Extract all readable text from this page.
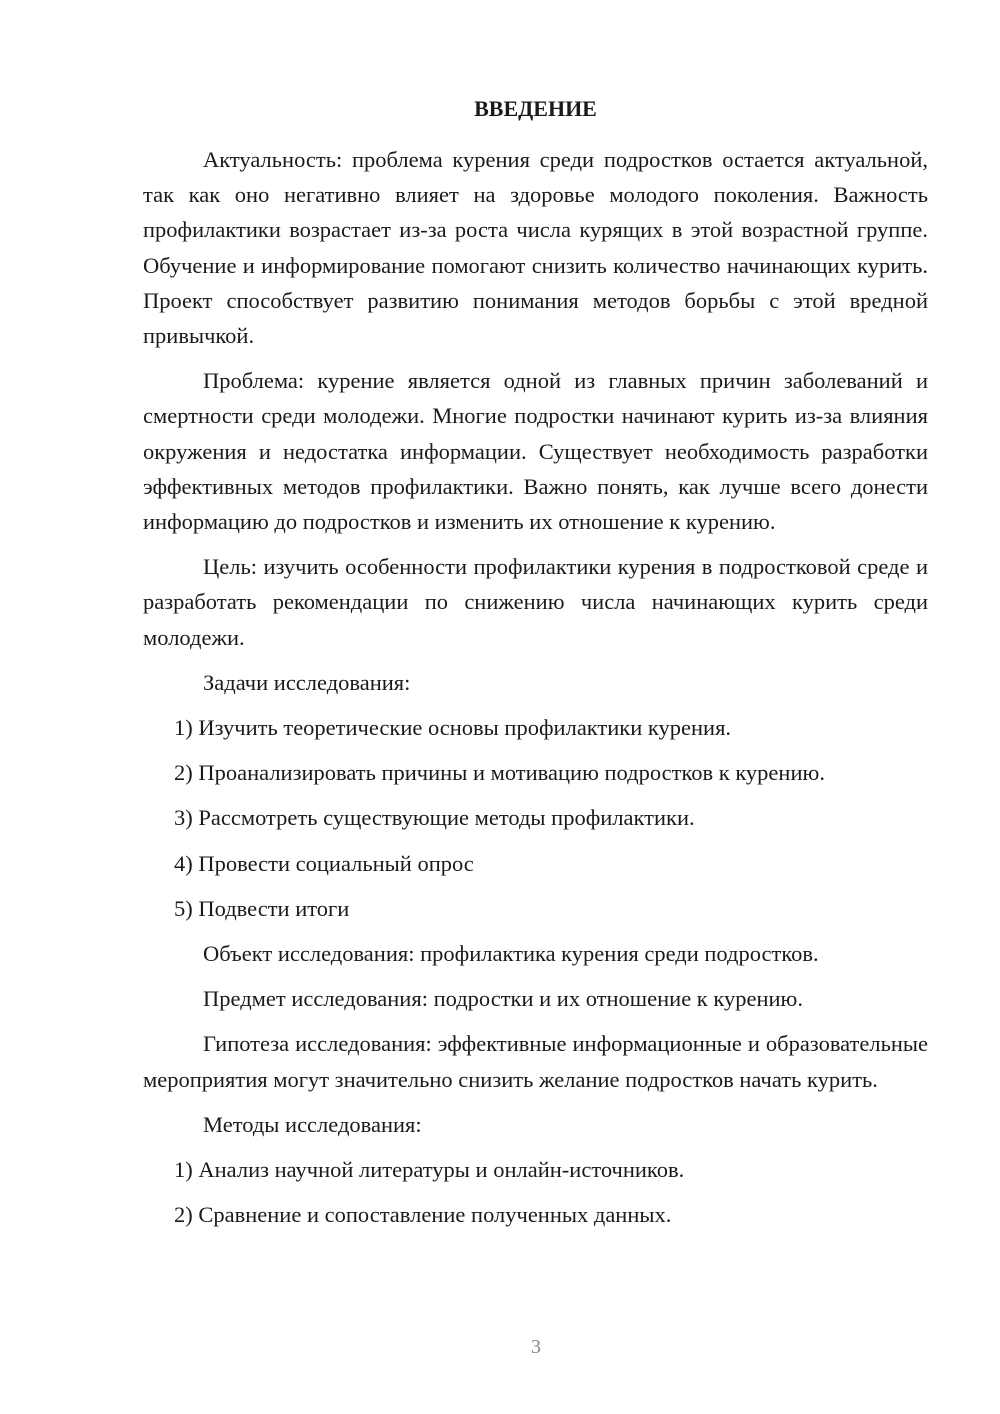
ВВЕДЕНИЕ

Актуальность: проблема курения среди подростков остается актуальной, так как оно негативно влияет на здоровье молодого поколения. Важность профилактики возрастает из-за роста числа курящих в этой возрастной группе. Обучение и информирование помогают снизить количество начинающих курить. Проект способствует развитию понимания методов борьбы с этой вредной привычкой.

Проблема: курение является одной из главных причин заболеваний и смертности среди молодежи. Многие подростки начинают курить из-за влияния окружения и недостатка информации. Существует необходимость разработки эффективных методов профилактики. Важно понять, как лучше всего донести информацию до подростков и изменить их отношение к курению.

Цель: изучить особенности профилактики курения в подростковой среде и разработать рекомендации по снижению числа начинающих курить среди молодежи.

Задачи исследования:

1) Изучить теоретические основы профилактики курения.

2) Проанализировать причины и мотивацию подростков к курению.

3) Рассмотреть существующие методы профилактики.

4) Провести социальный опрос

5) Подвести итоги

Объект исследования: профилактика курения среди подростков.

Предмет исследования: подростки и их отношение к курению.

Гипотеза исследования: эффективные информационные и образовательные мероприятия могут значительно снизить желание подростков начать курить.

Методы исследования:

1) Анализ научной литературы и онлайн-источников.

2) Сравнение и сопоставление полученных данных.

3
